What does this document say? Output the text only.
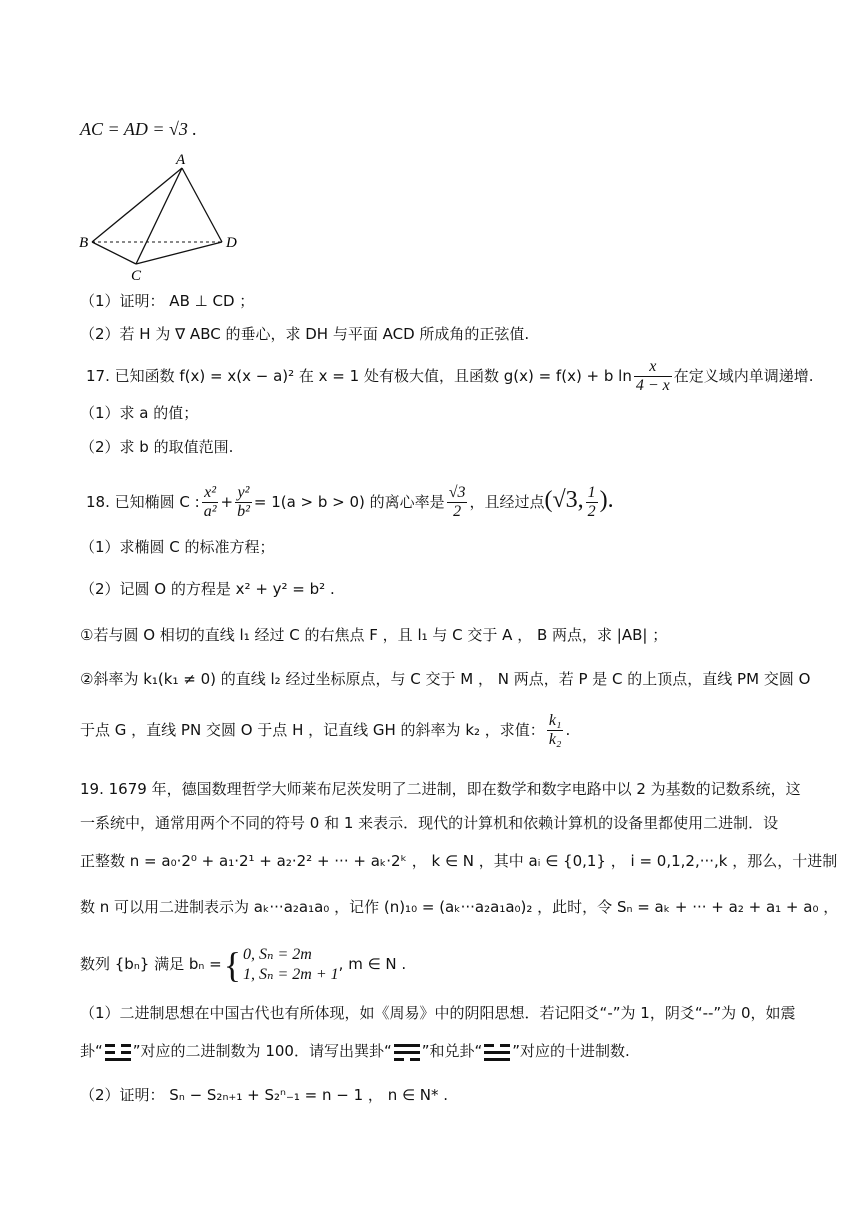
AC = AD = √3 .
A
B
C
D
（1）证明： AB ⊥ CD ；
（2）若 H 为 ∇ ABC 的垂心，求 DH 与平面 ACD 所成角的正弦值.
17. 已知函数 f(x) = x(x − a)² 在 x = 1 处有极大值，且函数 g(x) = f(x) + b $\ln \frac{x}{4 - x}$ 在定义域内单调递增.
（1）求 a 的值；
（2）求 b 的取值范围.
18. 已知椭圆 C : $\frac{\text{x²}}{\text{a²}} + \frac{\text{y²}}{\text{b²}} = 1(a > b > 0)$ 的离心率是 $\frac{√3}{2}$ ，且经过点(√3, $\frac{1}{2}$ ).
（1）求椭圆 C 的标准方程；
（2）记圆 O 的方程是 x² + y² = b² .
①若与圆 O 相切的直线 l₁ 经过 C 的右焦点 F ，且 l₁ 与 C 交于 A ， B 两点，求 |AB| ；
②斜率为 k₁(k₁ ≠ 0) 的直线 l₂ 经过坐标原点，与 C 交于 M ， N 两点，若 P 是 C 的上顶点，直线 PM 交圆 O
于点 G ，直线 PN 交圆 O 于点 H ，记直线 GH 的斜率为 k₂ ，求值： $\frac{\text{k₁}}{\text{k₂}}$ .
19. 1679 年，德国数理哲学大师莱布尼茨发明了二进制，即在数学和数字电路中以 2 为基数的记数系统，这
一系统中，通常用两个不同的符号 0 和 1 来表示．现代的计算机和依赖计算机的设备里都使用二进制．设
正整数 n = a₀·2⁰ + a₁·2¹ + a₂·2² + ··· + aₖ·2ᵏ ， k ∈ N ，其中 aᵢ ∈ {0,1} ， i = 0,1,2,···,k ，那么，十进制
数 n 可以用二进制表示为 aₖ···a₂a₁a₀ ，记作 (n)₁₀ = (aₖ···a₂a₁a₀)₂ ，此时，令 Sₙ = aₖ + ··· + a₂ + a₁ + a₀ ，
数列 {bₙ} 满足 bₙ ={ 0, Sₙ = 2m
1, Sₙ = 2m + 1
, m ∈ N .
（1）二进制思想在中国古代也有所体现，如《周易》中的阴阳思想．若记阳爻“-”为 1，阴爻“--”为 0，如震
卦“ ”对应的二进制数为 100．请写出巽卦“ ”和兑卦“ ”对应的十进制数.
（2）证明： Sₙ − S₂ₙ₊₁ + S₂ⁿ₋₁ = n − 1 ， n ∈ N* .
